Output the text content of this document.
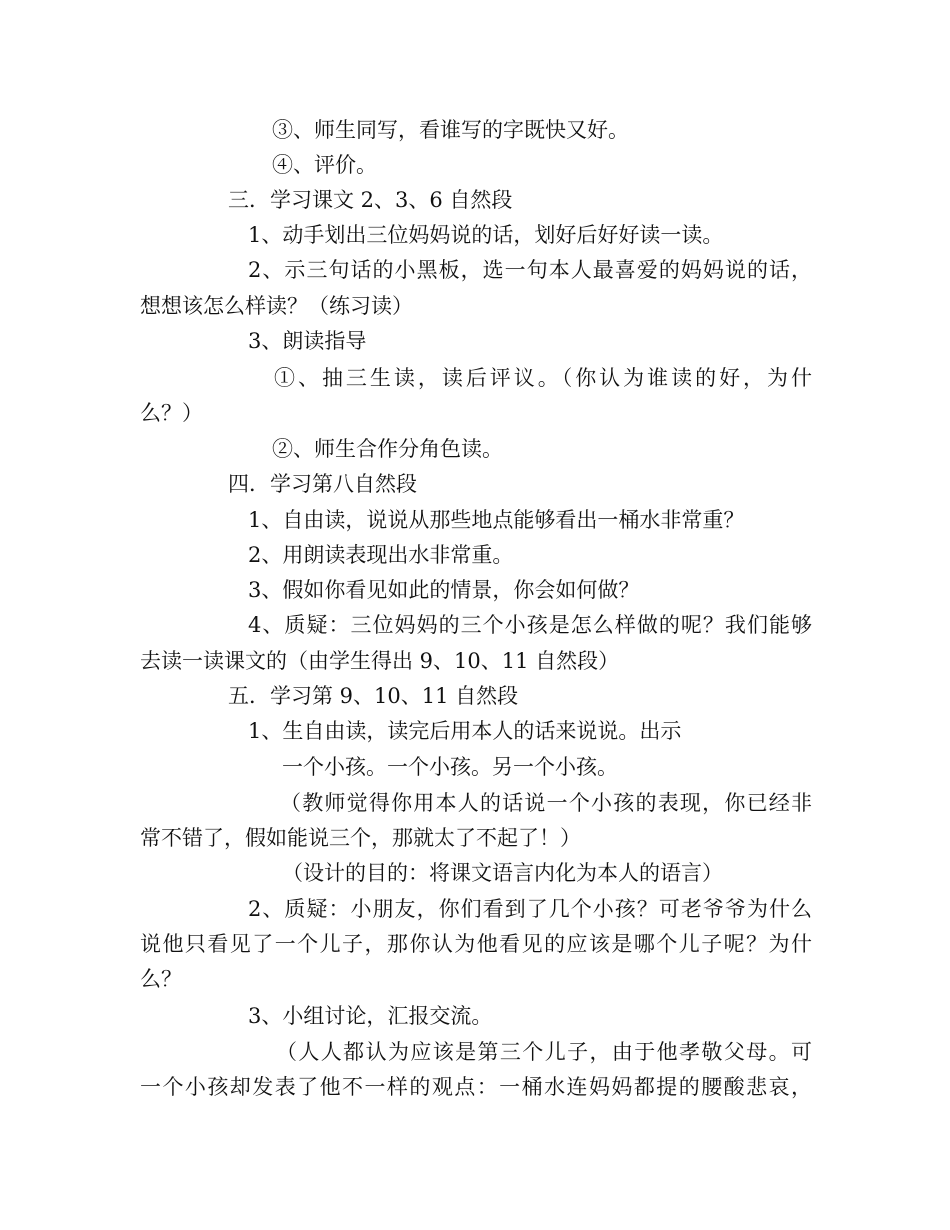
③、师生同写，看谁写的字既快又好。
④、评价。
三．学习课文 2、3、6 自然段
1、动手划出三位妈妈说的话，划好后好好读一读。
2、示三句话的小黑板，选一句本人最喜爱的妈妈说的话，
想想该怎么样读？（练习读）
3、朗读指导
①、抽三生读，读后评议。（你认为谁读的好，为什
么？）
②、师生合作分角色读。
四．学习第八自然段
1、自由读，说说从那些地点能够看出一桶水非常重？
2、用朗读表现出水非常重。
3、假如你看见如此的情景，你会如何做？
4、质疑：三位妈妈的三个小孩是怎么样做的呢？我们能够
去读一读课文的（由学生得出 9、10、11 自然段）
五．学习第 9、10、11 自然段
1、生自由读，读完后用本人的话来说说。出示
一个小孩。一个小孩。另一个小孩。
（教师觉得你用本人的话说一个小孩的表现，你已经非
常不错了，假如能说三个，那就太了不起了！）
（设计的目的：将课文语言内化为本人的语言）
2、质疑：小朋友，你们看到了几个小孩？可老爷爷为什么
说他只看见了一个儿子，那你认为他看见的应该是哪个儿子呢？为什
么？
3、小组讨论，汇报交流。
（人人都认为应该是第三个儿子，由于他孝敬父母。可
一个小孩却发表了他不一样的观点：一桶水连妈妈都提的腰酸悲哀，
